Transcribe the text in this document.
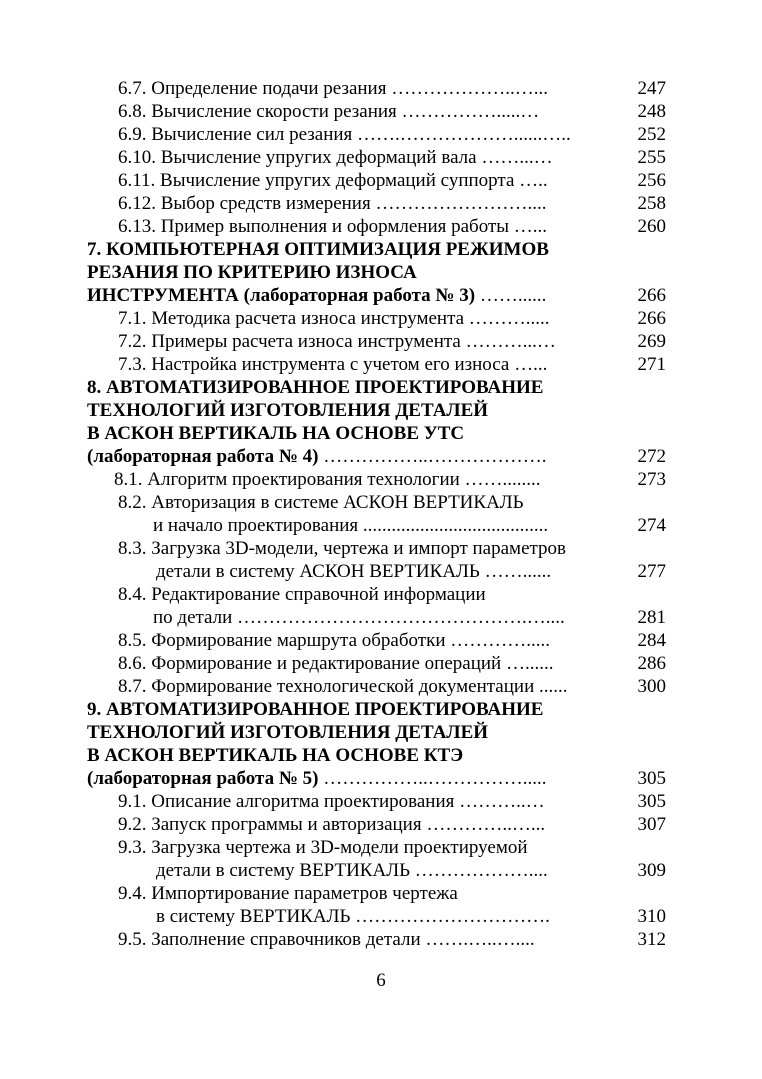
6.7. Определение подачи резания ………………..…...	247
6.8. Вычисление скорости резания …………….....…	248
6.9. Вычисление сил резания …….………………......…..	252
6.10. Вычисление упругих деформаций вала ……...…	255
6.11. Вычисление упругих деформаций суппорта …..	256
6.12. Выбор средств измерения ……………………....	258
6.13. Пример выполнения и оформления работы …...	260
7. КОМПЬЮТЕРНАЯ ОПТИМИЗАЦИЯ РЕЖИМОВ
РЕЗАНИЯ ПО КРИТЕРИЮ ИЗНОСА
ИНСТРУМЕНТА (лабораторная работа № 3) ……......	266
7.1. Методика расчета износа инструмента ……….....	266
7.2. Примеры расчета износа инструмента ………...…	269
7.3. Настройка инструмента с учетом его износа …...	271
8. АВТОМАТИЗИРОВАННОЕ ПРОЕКТИРОВАНИЕ
ТЕХНОЛОГИЙ ИЗГОТОВЛЕНИЯ ДЕТАЛЕЙ
В АСКОН ВЕРТИКАЛЬ НА ОСНОВЕ УТС
(лабораторная работа № 4) ……………..……………….	272
8.1. Алгоритм проектирования технологии ……........	273
8.2. Авторизация в системе АСКОН ВЕРТИКАЛЬ
и начало проектирования .......................................	274
8.3. Загрузка 3D-модели, чертежа и импорт параметров
детали в систему АСКОН ВЕРТИКАЛЬ ……......	277
8.4. Редактирование справочной информации
по детали ……………………………………….…....	281
8.5. Формирование маршрута обработки ………….....	284
8.6. Формирование и редактирование операций …......	286
8.7. Формирование технологической документации ......	300
9. АВТОМАТИЗИРОВАННОЕ ПРОЕКТИРОВАНИЕ
ТЕХНОЛОГИЙ ИЗГОТОВЛЕНИЯ ДЕТАЛЕЙ
В АСКОН ВЕРТИКАЛЬ НА ОСНОВЕ КТЭ
(лабораторная работа № 5) ……………..…………….....	305
9.1. Описание алгоритма проектирования ………..…	305
9.2. Запуск программы и авторизация …………..…...	307
9.3. Загрузка чертежа и 3D-модели проектируемой
детали в систему ВЕРТИКАЛЬ ………………....	309
9.4. Импортирование параметров чертежа
в систему ВЕРТИКАЛЬ ………………………….	310
9.5. Заполнение справочников детали …….…..…....	312
6
